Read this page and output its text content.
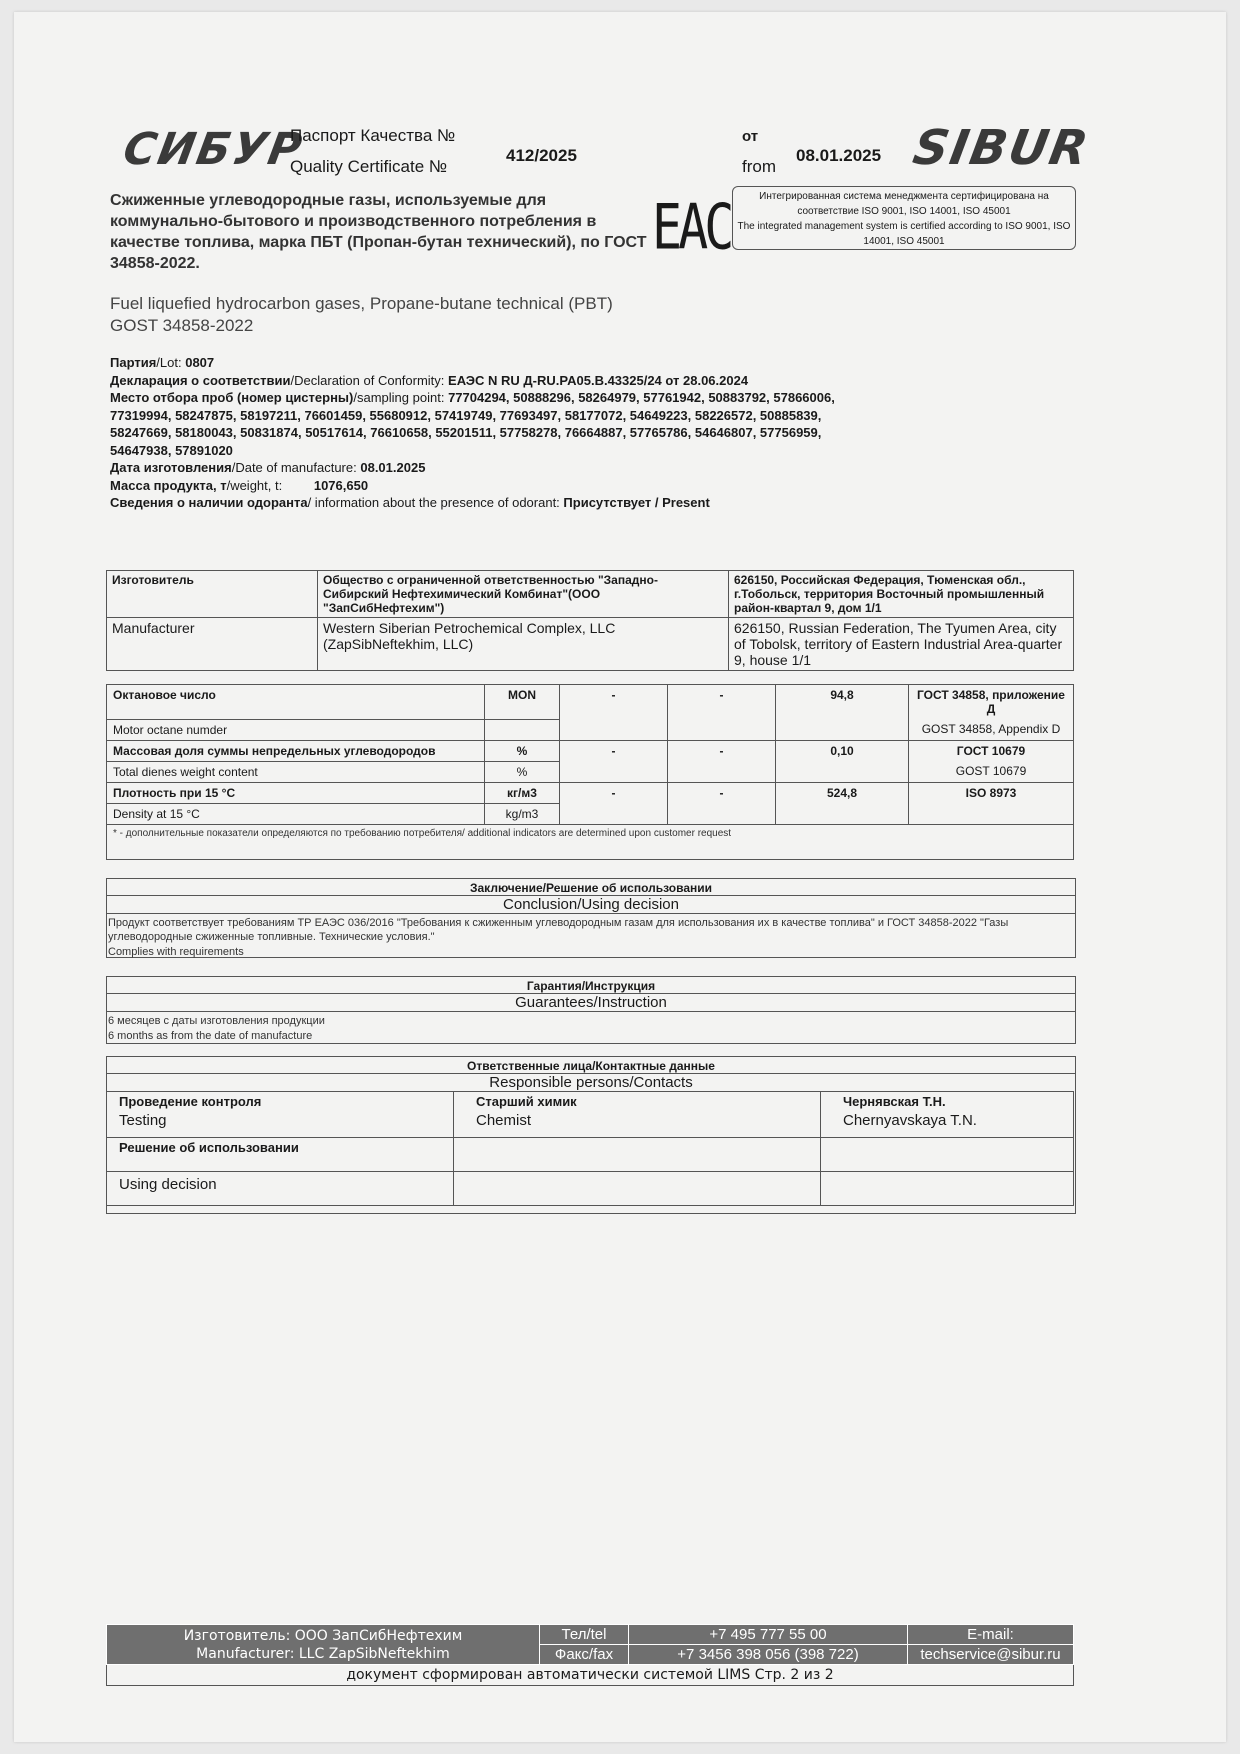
СИБУР
Паспорт Качества №
Quality Certificate №
412/2025
от
from
08.01.2025 SIBUR
Сжиженные углеводородные газы, используемые для коммунально-бытового и производственного потребления в качестве топлива, марка ПБТ (Пропан-бутан технический), по ГОСТ 34858-2022.
EAC	Интегрированная система менеджмента сертифицирована на соответствие ISO 9001, ISO 14001, ISO 45001
The integrated management system is certified according to ISO 9001, ISO 14001, ISO 45001
Fuel liquefied hydrocarbon gases, Propane-butane technical (PBT)
GOST 34858-2022
Партия/Lot: 0807
Декларация о соответствии/Declaration of Conformity: ЕАЭС N RU Д-RU.PA05.B.43325/24 от 28.06.2024
Место отбора проб (номер цистерны)/sampling point: 77704294, 50888296, 58264979, 57761942, 50883792, 57866006,
77319994, 58247875, 58197211, 76601459, 55680912, 57419749, 77693497, 58177072, 54649223, 58226572, 50885839,
58247669, 58180043, 50831874, 50517614, 76610658, 55201511, 57758278, 76664887, 57765786, 54646807, 57756959,
54647938, 57891020
Дата изготовления/Date of manufacture: 08.01.2025
Масса продукта, т/weight, t: 1076,650
Сведения о наличии одоранта/ information about the presence of odorant: Присутствует / Present
Изготовитель	Общество с ограниченной ответственностью "Западно-Сибирский Нефтехимический Комбинат"(ООО "ЗапСибНефтехим")	626150, Российская Федерация, Тюменская обл., г.Тобольск, территория Восточный промышленный район-квартал 9, дом 1/1
Manufacturer	Western Siberian Petrochemical Complex, LLC (ZapSibNeftekhim, LLC)	626150, Russian Federation, The Tyumen Area, city of Tobolsk, territory of Eastern Industrial Area-quarter 9, house 1/1
Октановое число	MON	-	-	94,8	ГОСТ 34858, приложение Д
Motor octane numder		GOST 34858, Appendix D
Массовая доля суммы непредельных углеводородов	%	-	-	0,10	ГОСТ 10679
Total dienes weight content	%	GOST 10679
Плотность при 15 °С	кг/м3	-	-	524,8	ISO 8973
Density at 15 °C	kg/m3	
* - дополнительные показатели определяются по требованию потребителя/ additional indicators are determined upon customer request
Заключение/Решение об использовании
Conclusion/Using decision
Продукт соответствует требованиям ТР ЕАЭС 036/2016 "Требования к сжиженным углеводородным газам для использования их в качестве топлива" и ГОСТ 34858-2022 "Газы углеводородные сжиженные топливные. Технические условия."
Complies with requirements
Гарантия/Инструкция
Guarantees/Instruction
6 месяцев с даты изготовления продукции
6 months as from the date of manufacture
Ответственные лица/Контактные данные
Responsible persons/Contacts
Проведение контроля
Testing

Старший химик
Chemist

Чернявская Т.Н.
Chernyavskaya T.N.

Решение об использовании

Using decision		
Изготовитель: ООО ЗапСибНефтехим
Manufacturer: LLC ZapSibNeftekhim
	Тел/tel	+7 495 777 55 00	E-mail:
Факс/fax	+7 3456 398 056 (398 722)	techservice@sibur.ru
документ сформирован автоматически системой LIMS Стр. 2 из 2
